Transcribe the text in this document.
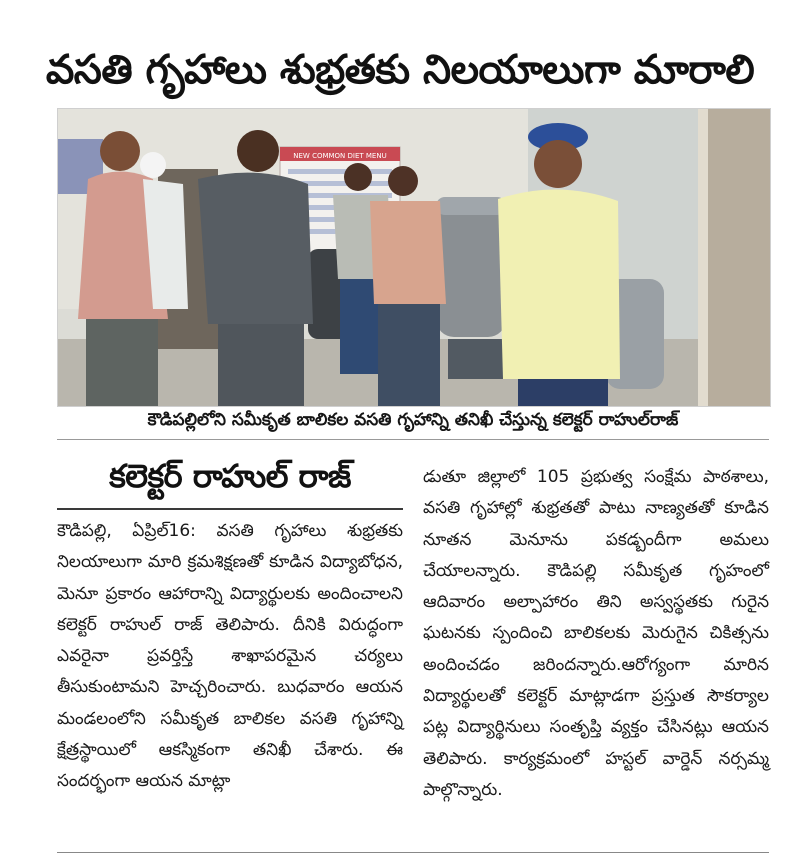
వసతి గృహాలు శుభ్రతకు నిలయాలుగా మారాలి
NEW COMMON DIET MENU
కౌడిపల్లిలోని సమీకృత బాలికల వసతి గృహాన్ని తనిఖీ చేస్తున్న కలెక్టర్ రాహుల్‌రాజ్
కలెక్టర్ రాహుల్ రాజ్

కౌడిపల్లి, ఏప్రిల్16: వసతి గృహాలు శుభ్రతకు నిలయాలుగా మారి క్రమశిక్షణతో కూడిన విద్యాబోధన, మెనూ ప్రకారం ఆహారాన్ని విద్యార్థులకు అందించాలని కలెక్టర్ రాహుల్ రాజ్ తెలిపారు. దీనికి విరుద్ధంగా ఎవరైనా ప్రవర్తిస్తే శాఖాపరమైన చర్యలు తీసుకుంటామని హెచ్చరించారు. బుధవారం ఆయన మండలంలోని సమీకృత బాలికల వసతి గృహాన్ని క్షేత్రస్థాయిలో ఆకస్మికంగా తనిఖీ చేశారు. ఈ సందర్భంగా ఆయన మాట్లా

డుతూ జిల్లాలో 105 ప్రభుత్వ సంక్షేమ పాఠశాలు, వసతి గృహాల్లో శుభ్రతతో పాటు నాణ్యతతో కూడిన నూతన మెనూను పకడ్బందీగా అమలు చేయాలన్నారు. కౌడిపల్లి సమీకృత గృహంలో ఆదివారం అల్పాహారం తిని అస్వస్థతకు గురైన ఘటనకు స్పందించి బాలికలకు మెరుగైన చికిత్సను అందించడం జరిందన్నారు.ఆరోగ్యంగా మారిన విద్యార్థులతో కలెక్టర్ మాట్లాడగా ప్రస్తుత సౌకర్యాల పట్ల విద్యార్థినులు సంతృప్తి వ్యక్తం చేసినట్లు ఆయన తెలిపారు. కార్యక్రమంలో హస్టల్ వార్డెన్ నర్సమ్మ పాల్గొన్నారు.
